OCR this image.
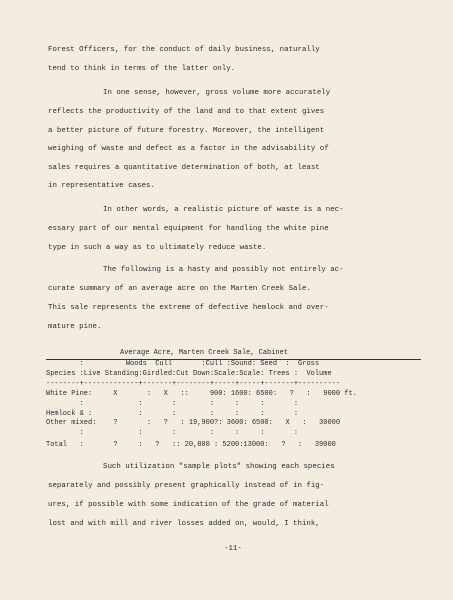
Forest Officers, for the conduct of daily business, naturally
tend to think in terms of the latter only.
In one sense, however, gross volume more accurately
reflects the productivity of the land and to that extent gives
a better picture of future forestry. Moreover, the intelligent
weighing of waste and defect as a factor in the advisability of
sales requires a quantitative determination of both, at least
in representative cases.
In other words, a realistic picture of waste is a nec-
essary part of our mental equipment for handling the white pine
type in such a way as to ultimately reduce waste.
The following is a hasty and possibly not entirely ac-
curate summary of an average acre on the Marten Creek Sale.
This sale represents the extreme of defective hemlock and over-
mature pine.
Average Acre, Marten Creek Sale, Cabinet
:          Woods  Cull       :Cull :Sound: Seed  :  Gross
Species :Live Standing:Girdled:Cut Down:Scale:Scale: Trees :  Volume
--------+-------------+-------+--------+-----+-----+-------+----------
White Pine:     X       :   X   ::     900: 1600: 6500:   ?   :   9000 ft.
:             :       :        :     :     :       :
Hemlock & :           :       :        :     :     :       :
Other mixed:    ?       :   ?   : 19,900?: 3600: 6500:   X   :   30000
:             :       :        :     :     :       :
Total   :       ?     :   ?   :: 20,800 : 5200:13000:   ?   :   39000
Such utilization "sample plots" showing each species
separately and possibly present graphically instead of in fig-
ures, if possible with some indication of the grade of material
lost and with mill and river losses added on, would, I think,
-11-
